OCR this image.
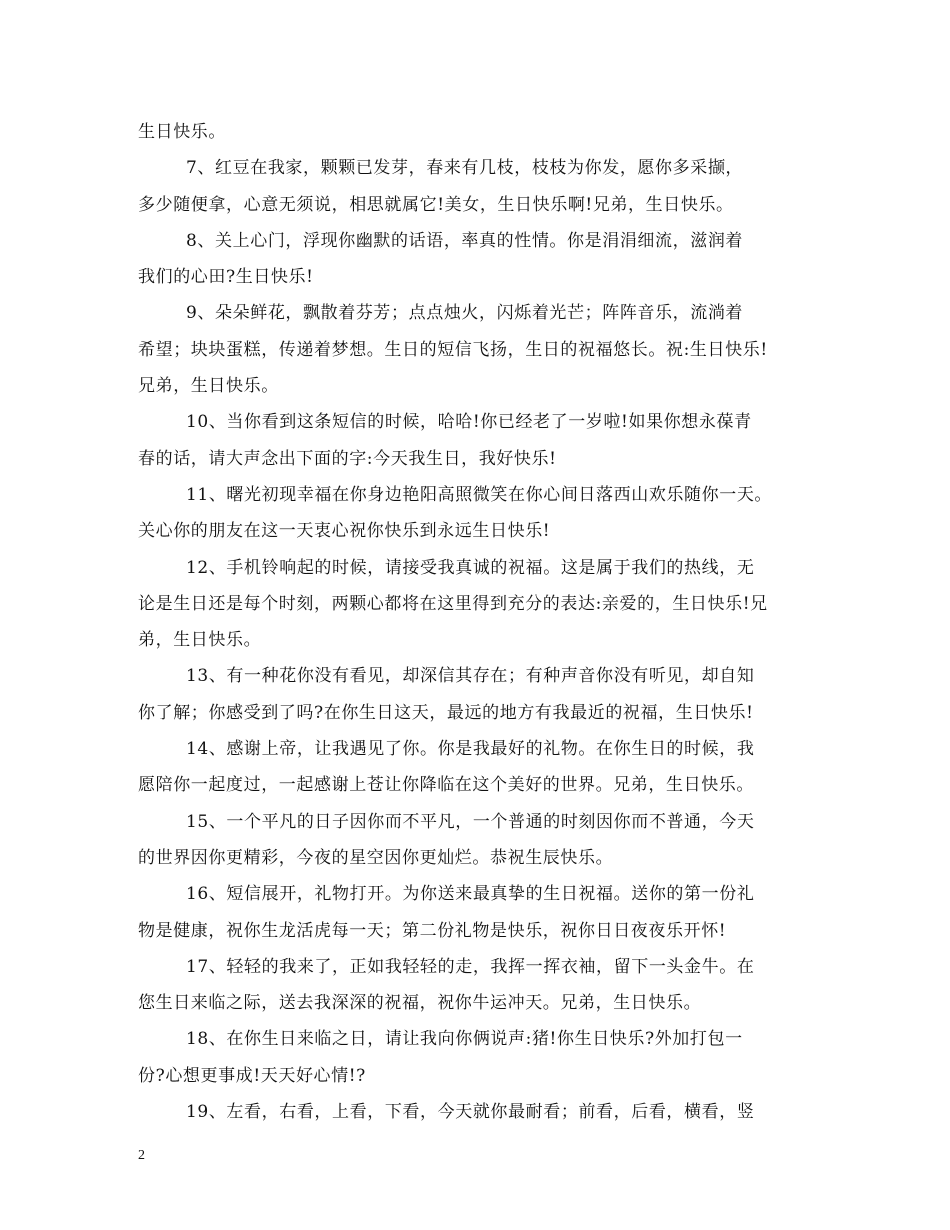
生日快乐。
7、红豆在我家，颗颗已发芽，春来有几枝，枝枝为你发，愿你多采撷，
多少随便拿，心意无须说，相思就属它!美女，生日快乐啊!兄弟，生日快乐。
8、关上心门，浮现你幽默的话语，率真的性情。你是涓涓细流，滋润着
我们的心田?生日快乐!
9、朵朵鲜花，飘散着芬芳；点点烛火，闪烁着光芒；阵阵音乐，流淌着
希望；块块蛋糕，传递着梦想。生日的短信飞扬，生日的祝福悠长。祝:生日快乐!
兄弟，生日快乐。
10、当你看到这条短信的时候，哈哈!你已经老了一岁啦!如果你想永葆青
春的话，请大声念出下面的字:今天我生日，我好快乐!
11、曙光初现幸福在你身边艳阳高照微笑在你心间日落西山欢乐随你一天。
关心你的朋友在这一天衷心祝你快乐到永远生日快乐!
12、手机铃响起的时候，请接受我真诚的祝福。这是属于我们的热线，无
论是生日还是每个时刻，两颗心都将在这里得到充分的表达:亲爱的，生日快乐!兄
弟，生日快乐。
13、有一种花你没有看见，却深信其存在；有种声音你没有听见，却自知
你了解；你感受到了吗?在你生日这天，最远的地方有我最近的祝福，生日快乐!
14、感谢上帝，让我遇见了你。你是我最好的礼物。在你生日的时候，我
愿陪你一起度过，一起感谢上苍让你降临在这个美好的世界。兄弟，生日快乐。
15、一个平凡的日子因你而不平凡，一个普通的时刻因你而不普通，今天
的世界因你更精彩，今夜的星空因你更灿烂。恭祝生辰快乐。
16、短信展开，礼物打开。为你送来最真挚的生日祝福。送你的第一份礼
物是健康，祝你生龙活虎每一天；第二份礼物是快乐，祝你日日夜夜乐开怀!
17、轻轻的我来了，正如我轻轻的走，我挥一挥衣袖，留下一头金牛。在
您生日来临之际，送去我深深的祝福，祝你牛运冲天。兄弟，生日快乐。
18、在你生日来临之日，请让我向你俩说声:猪!你生日快乐?外加打包一
份?心想更事成!天天好心情!?
19、左看，右看，上看，下看，今天就你最耐看；前看，后看，横看，竖
2
